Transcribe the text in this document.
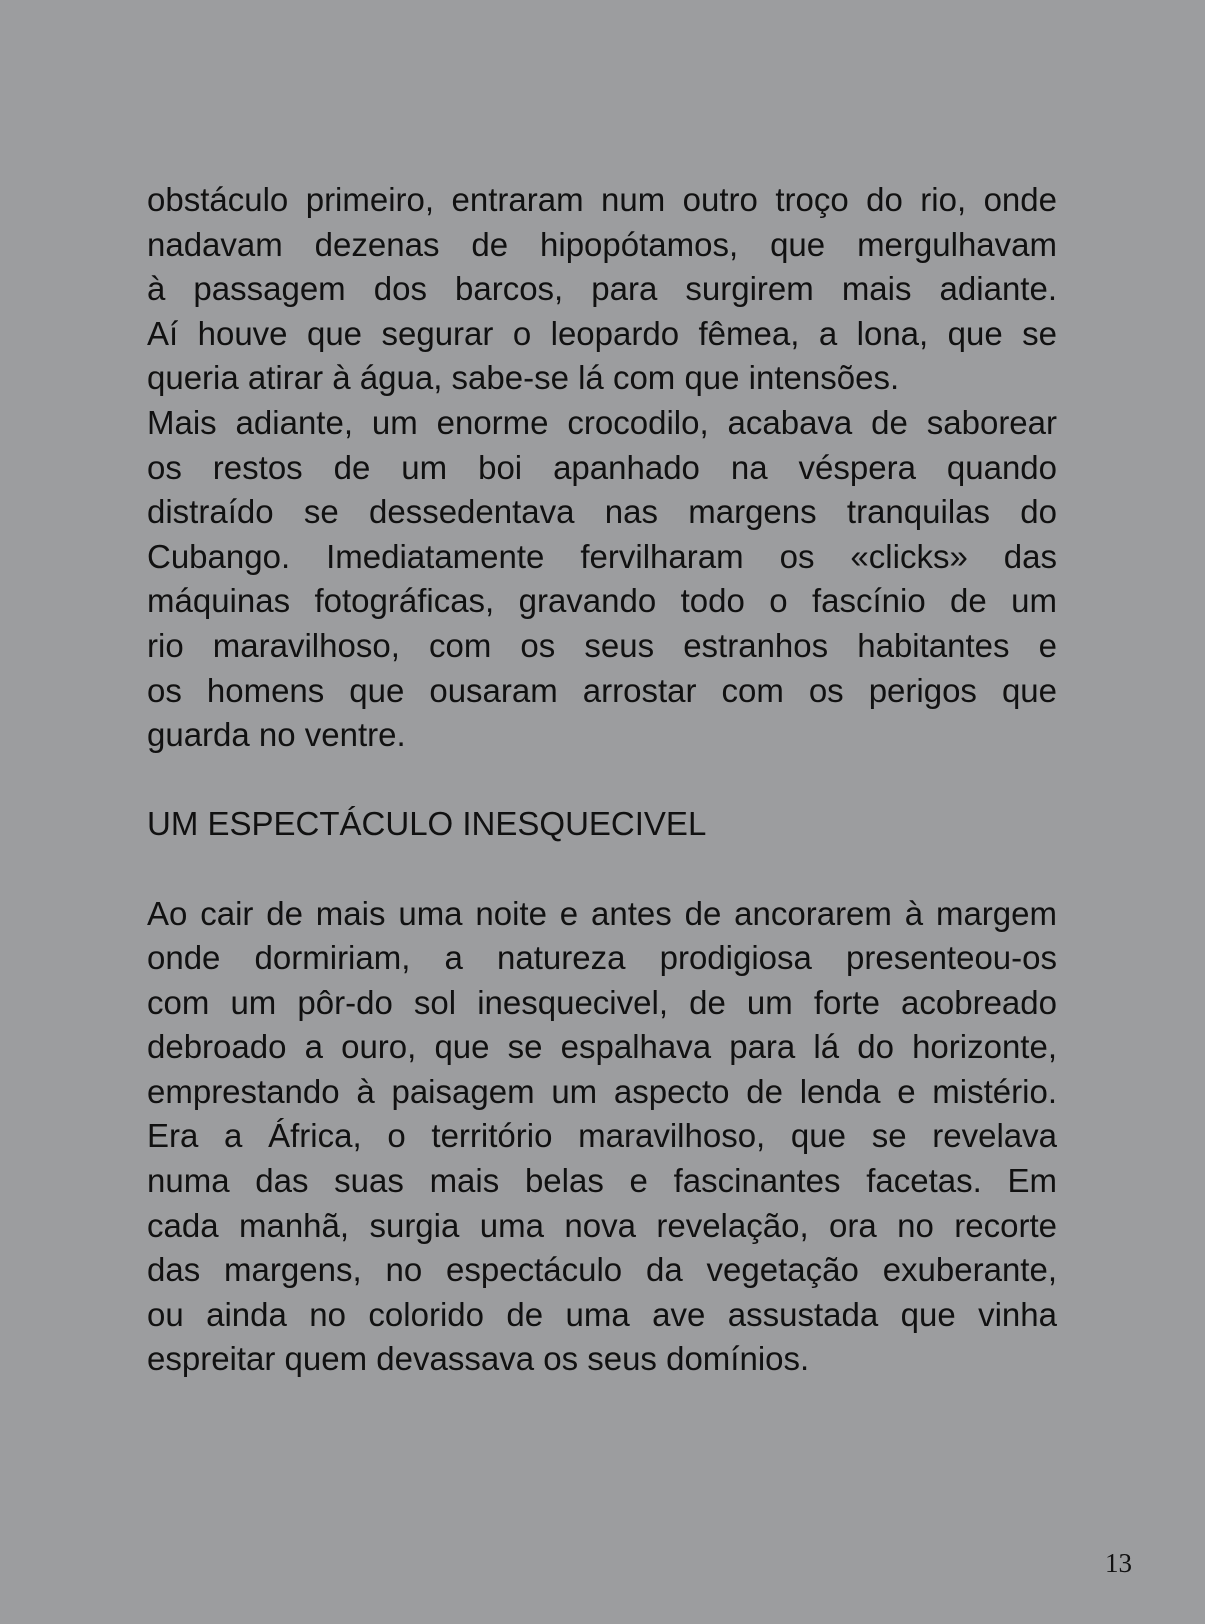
obstáculo primeiro, entraram num outro troço do rio, onde
nadavam dezenas de hipopótamos, que mergulhavam
à passagem dos barcos, para surgirem mais adiante.
Aí houve que segurar o leopardo fêmea, a lona, que se
queria atirar à água, sabe-se lá com que intensões.
Mais adiante, um enorme crocodilo, acabava de saborear
os restos de um boi apanhado na véspera quando
distraído se dessedentava nas margens tranquilas do
Cubango. Imediatamente fervilharam os «clicks» das
máquinas fotográficas, gravando todo o fascínio de um
rio maravilhoso, com os seus estranhos habitantes e
os homens que ousaram arrostar com os perigos que
guarda no ventre.
UM ESPECTÁCULO INESQUECIVEL
Ao cair de mais uma noite e antes de ancorarem à margem
onde dormiriam, a natureza prodigiosa presenteou-os
com um pôr-do sol inesquecivel, de um forte acobreado
debroado a ouro, que se espalhava para lá do horizonte,
emprestando à paisagem um aspecto de lenda e mistério.
Era a África, o território maravilhoso, que se revelava
numa das suas mais belas e fascinantes facetas. Em
cada manhã, surgia uma nova revelação, ora no recorte
das margens, no espectáculo da vegetação exuberante,
ou ainda no colorido de uma ave assustada que vinha
espreitar quem devassava os seus domínios.
13
